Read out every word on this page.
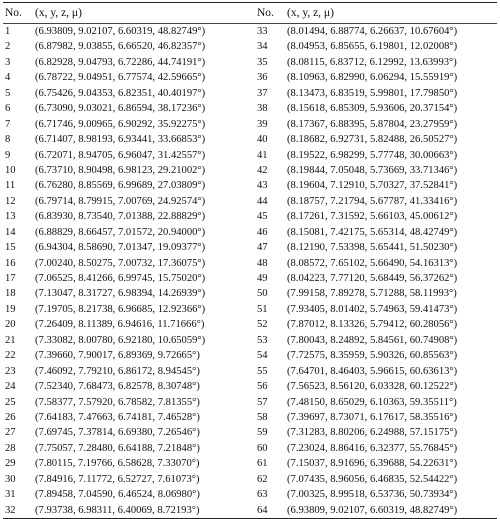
No.	(x, y, z, μ)	No.	(x, y, z, μ)
1	(6.93809, 9.02107, 6.60319, 48.82749°)	33	(8.01494, 6.88774, 6.26637, 10.67604°)
2	(6.87982, 9.03855, 6.66520, 46.82357°)	34	(8.04953, 6.85655, 6.19801, 12.02008°)
3	(6.82928, 9.04793, 6.72286, 44.74191°)	35	(8.08115, 6.83712, 6.12992, 13.63993°)
4	(6.78722, 9.04951, 6.77574, 42.59665°)	36	(8.10963, 6.82990, 6.06294, 15.55919°)
5	(6.75426, 9.04353, 6.82351, 40.40197°)	37	(8.13473, 6.83519, 5.99801, 17.79850°)
6	(6.73090, 9.03021, 6.86594, 38.17236°)	38	(8.15618, 6.85309, 5.93606, 20.37154°)
7	(6.71746, 9.00965, 6.90292, 35.92275°)	39	(8.17367, 6.88395, 5.87804, 23.27959°)
8	(6.71407, 8.98193, 6.93441, 33.66853°)	40	(8.18682, 6.92731, 5.82488, 26.50527°)
9	(6.72071, 8.94705, 6.96047, 31.42557°)	41	(8.19522, 6.98299, 5.77748, 30.00663°)
10	(6.73710, 8.90498, 6.98123, 29.21002°)	42	(8.19844, 7.05048, 5.73669, 33.71346°)
11	(6.76280, 8.85569, 6.99689, 27.03809°)	43	(8.19604, 7.12910, 5.70327, 37.52841°)
12	(6.79714, 8.79915, 7.00769, 24.92574°)	44	(8.18757, 7.21794, 5.67787, 41.33416°)
13	(6.83930, 8.73540, 7.01388, 22.88829°)	45	(8.17261, 7.31592, 5.66103, 45.00612°)
14	(6.88829, 8.66457, 7.01572, 20.94000°)	46	(8.15081, 7.42175, 5.65314, 48.42749°)
15	(6.94304, 8.58690, 7.01347, 19.09377°)	47	(8.12190, 7.53398, 5.65441, 51.50230°)
16	(7.00240, 8.50275, 7.00732, 17.36075°)	48	(8.08572, 7.65102, 5.66490, 54.16313°)
17	(7.06525, 8.41266, 6.99745, 15.75020°)	49	(8.04223, 7.77120, 5.68449, 56.37262°)
18	(7.13047, 8.31727, 6.98394, 14.26939°)	50	(7.99158, 7.89278, 5.71288, 58.11993°)
19	(7.19705, 8.21738, 6.96685, 12.92366°)	51	(7.93405, 8.01402, 5.74963, 59.41473°)
20	(7.26409, 8.11389, 6.94616, 11.71666°)	52	(7.87012, 8.13326, 5.79412, 60.28056°)
21	(7.33082, 8.00780, 6.92180, 10.65059°)	53	(7.80043, 8.24892, 5.84561, 60.74908°)
22	(7.39660, 7.90017, 6.89369, 9.72665°)	54	(7.72575, 8.35959, 5.90326, 60.85563°)
23	(7.46092, 7.79210, 6.86172, 8.94545°)	55	(7.64701, 8.46403, 5.96615, 60.63613°)
24	(7.52340, 7.68473, 6.82578, 8.30748°)	56	(7.56523, 8.56120, 6.03328, 60.12522°)
25	(7.58377, 7.57920, 6.78582, 7.81355°)	57	(7.48150, 8.65029, 6.10363, 59.35511°)
26	(7.64183, 7.47663, 6.74181, 7.46528°)	58	(7.39697, 8.73071, 6.17617, 58.35516°)
27	(7.69745, 7.37814, 6.69380, 7.26546°)	59	(7.31283, 8.80206, 6.24988, 57.15175°)
28	(7.75057, 7.28480, 6.64188, 7.21848°)	60	(7.23024, 8.86416, 6.32377, 55.76845°)
29	(7.80115, 7.19766, 6.58628, 7.33070°)	61	(7.15037, 8.91696, 6.39688, 54.22631°)
30	(7.84916, 7.11772, 6.52727, 7.61073°)	62	(7.07435, 8.96056, 6.46835, 52.54422°)
31	(7.89458, 7.04590, 6.46524, 8.06980°)	63	(7.00325, 8.99518, 6.53736, 50.73934°)
32	(7.93738, 6.98311, 6.40069, 8.72193°)	64	(6.93809, 9.02107, 6.60319, 48.82749°)
